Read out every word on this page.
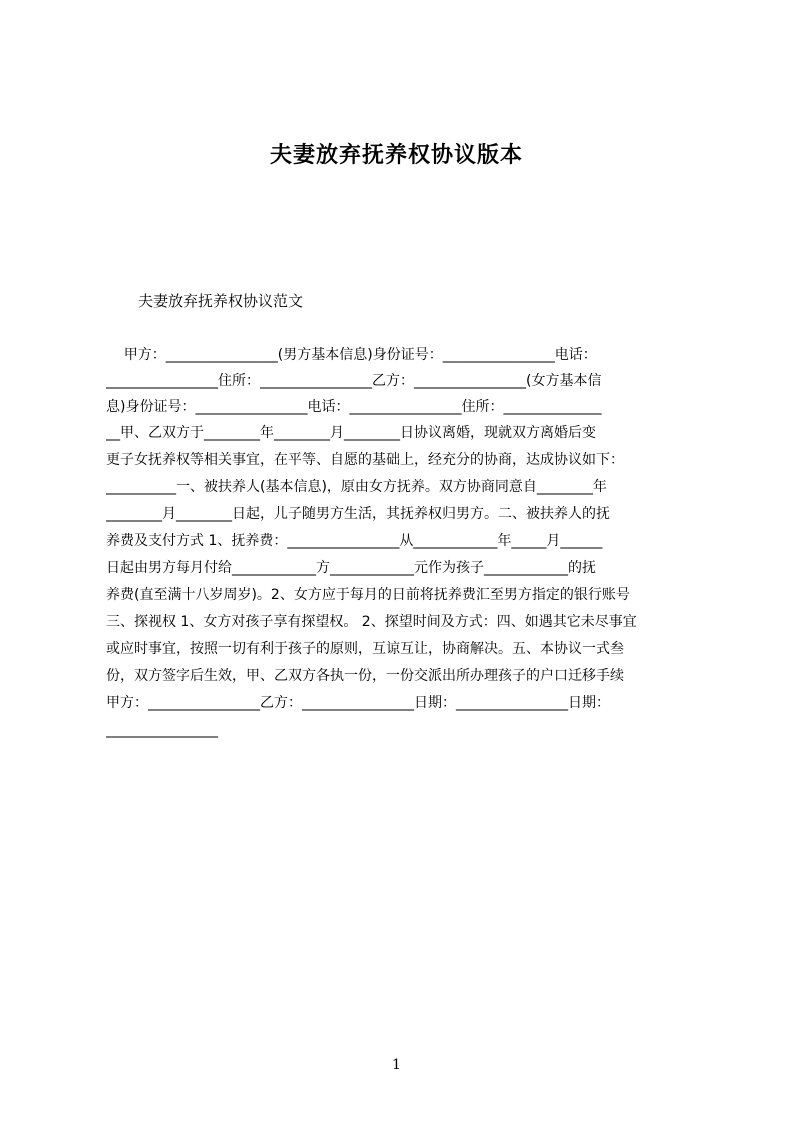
夫妻放弃抚养权协议版本
夫妻放弃抚养权协议范文
甲方：________________(男方基本信息)身份证号：________________电话：
________________住所：________________乙方：________________(女方基本信
息)身份证号：________________电话：________________住所：______________
__甲、乙双方于________年________月________日协议离婚，现就双方离婚后变
更子女抚养权等相关事宜，在平等、自愿的基础上，经充分的协商，达成协议如下：
__________一、被扶养人(基本信息)，原由女方抚养。双方协商同意自________年
________月________日起，儿子随男方生活，其抚养权归男方。二、被扶养人的抚
养费及支付方式 1、抚养费：________________从____________年_____月______
日起由男方每月付给____________方____________元作为孩子____________的抚
养费(直至满十八岁周岁)。2、女方应于每月的日前将抚养费汇至男方指定的银行账号
三、探视权 1、女方对孩子享有探望权。 2、探望时间及方式：四、如遇其它未尽事宜
或应时事宜，按照一切有利于孩子的原则，互谅互让，协商解决。五、本协议一式叁
份，双方签字后生效，甲、乙双方各执一份，一份交派出所办理孩子的户口迁移手续
甲方：________________乙方：________________日期：________________日期：
________________
1
